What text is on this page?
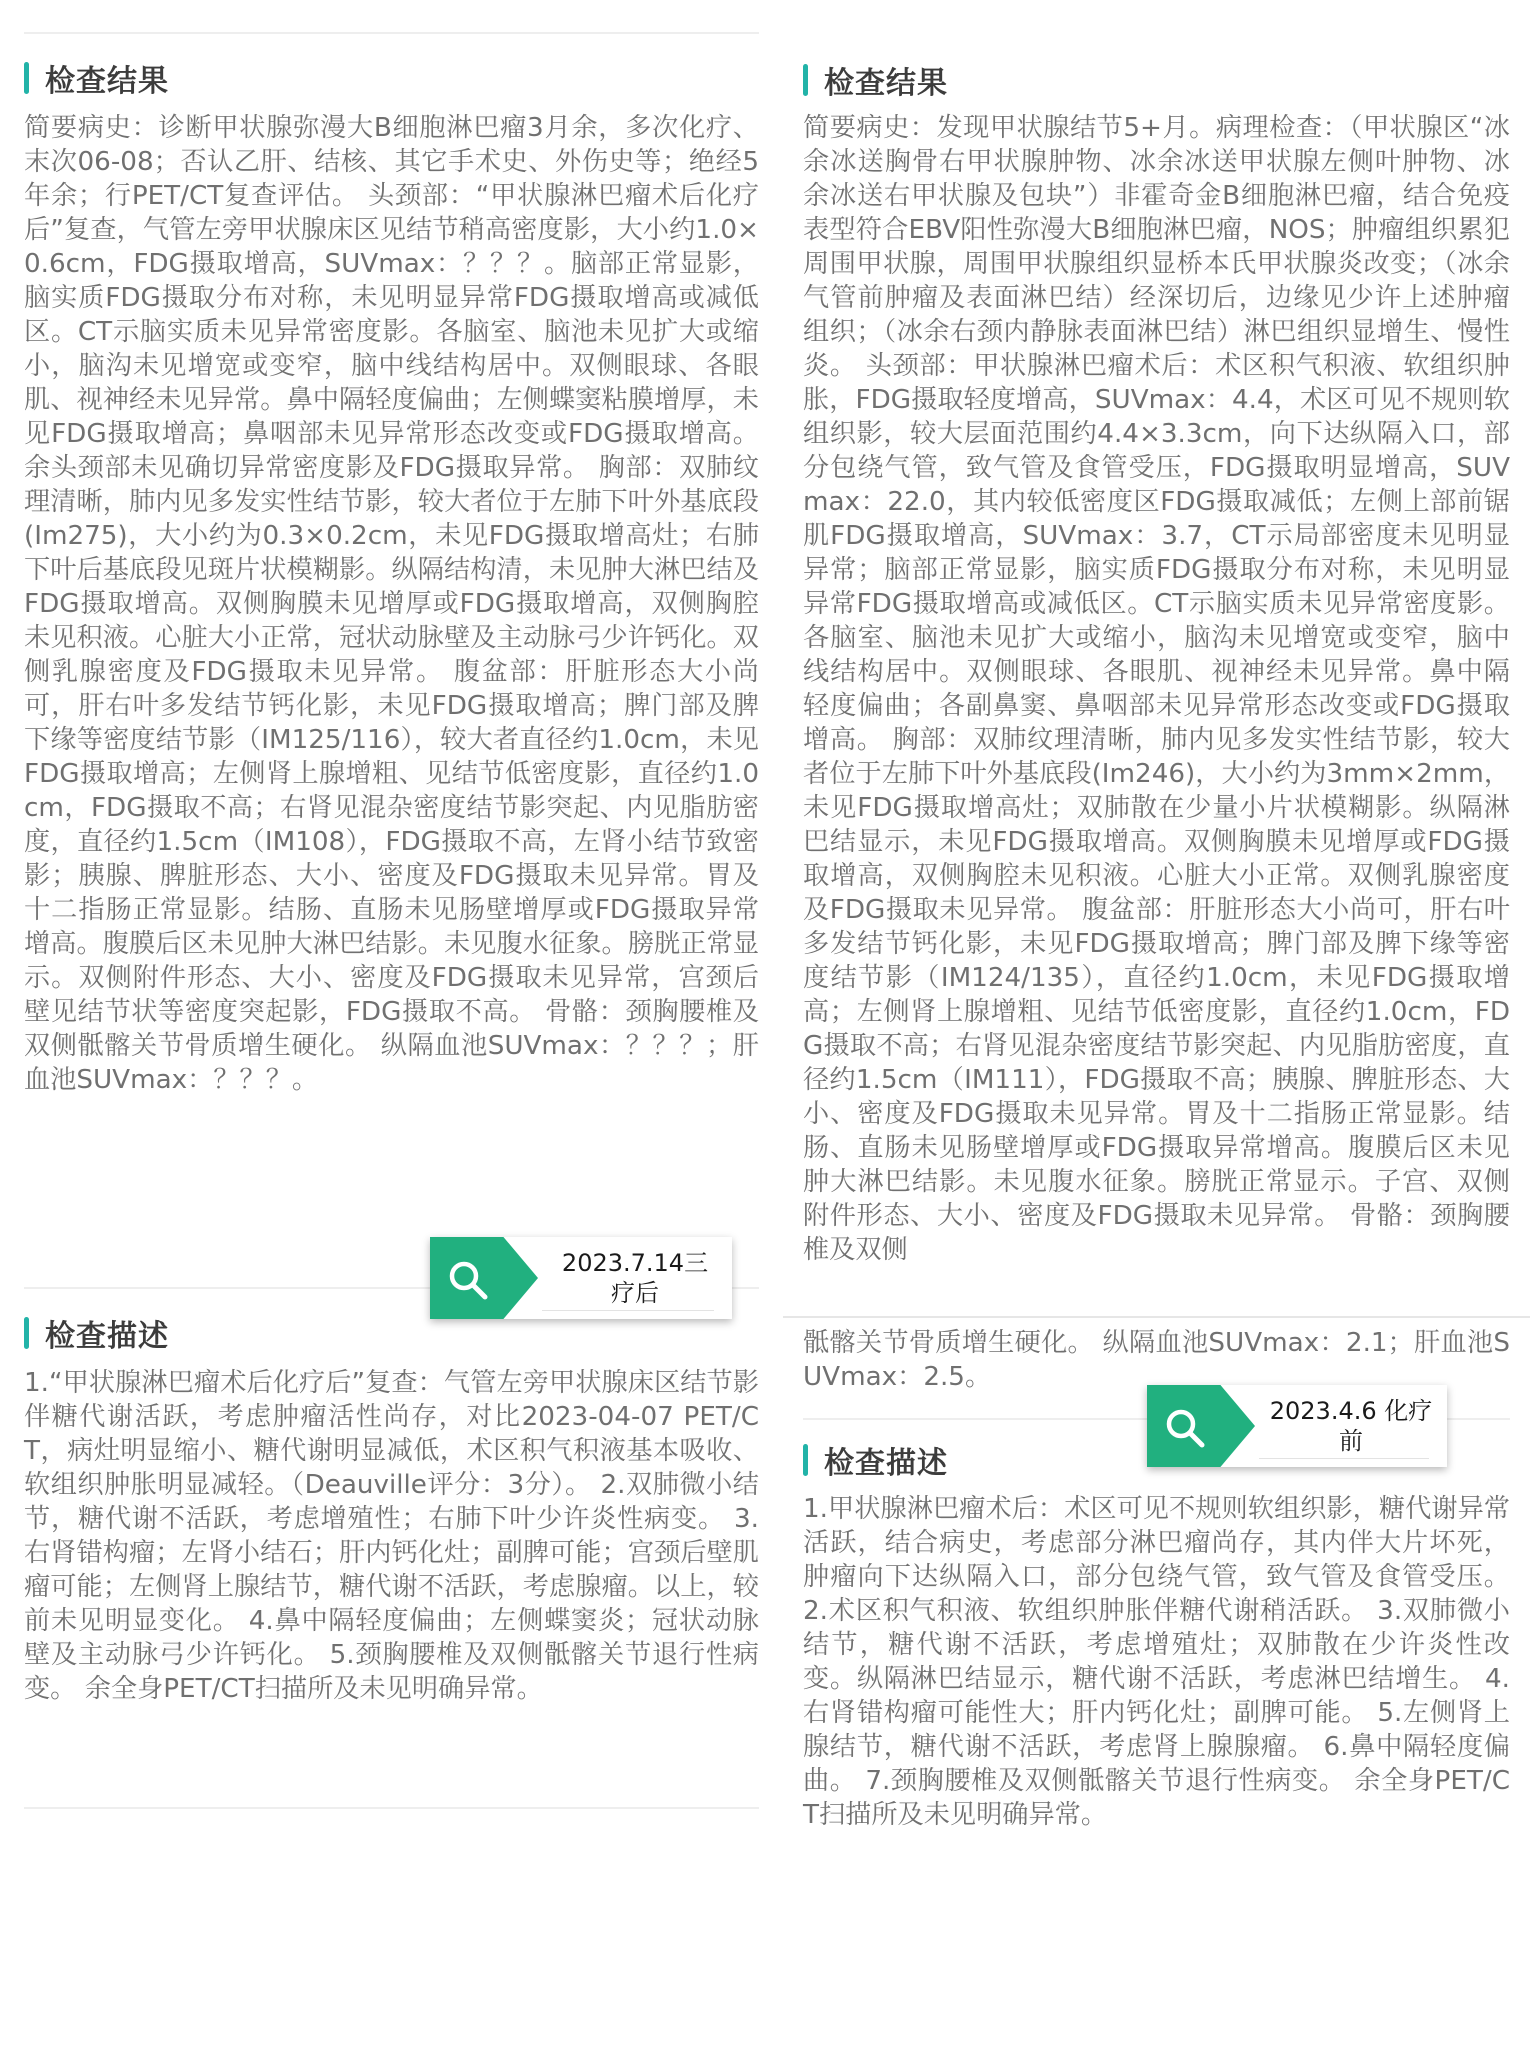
检查结果

简要病史：诊断甲状腺弥漫大B细胞淋巴瘤3月余，多次化疗、末次06-08；否认乙肝、结核、其它手术史、外伤史等；绝经5年余；行PET/CT复查评估。 头颈部：“甲状腺淋巴瘤术后化疗后”复查，气管左旁甲状腺床区见结节稍高密度影，大小约1.0×0.6cm，FDG摄取增高，SUVmax：？？？。脑部正常显影，脑实质FDG摄取分布对称，未见明显异常FDG摄取增高或减低区。CT示脑实质未见异常密度影。各脑室、脑池未见扩大或缩小，脑沟未见增宽或变窄，脑中线结构居中。双侧眼球、各眼肌、视神经未见异常。鼻中隔轻度偏曲；左侧蝶窦粘膜增厚，未见FDG摄取增高；鼻咽部未见异常形态改变或FDG摄取增高。余头颈部未见确切异常密度影及FDG摄取异常。 胸部：双肺纹理清晰，肺内见多发实性结节影，较大者位于左肺下叶外基底段(Im275)，大小约为0.3×0.2cm，未见FDG摄取增高灶；右肺下叶后基底段见斑片状模糊影。纵隔结构清，未见肿大淋巴结及FDG摄取增高。双侧胸膜未见增厚或FDG摄取增高，双侧胸腔未见积液。心脏大小正常，冠状动脉壁及主动脉弓少许钙化。双侧乳腺密度及FDG摄取未见异常。 腹盆部：肝脏形态大小尚可，肝右叶多发结节钙化影，未见FDG摄取增高；脾门部及脾下缘等密度结节影（IM125/116），较大者直径约1.0cm，未见FDG摄取增高；左侧肾上腺增粗、见结节低密度影，直径约1.0cm，FDG摄取不高；右肾见混杂密度结节影突起、内见脂肪密度，直径约1.5cm（IM108），FDG摄取不高，左肾小结节致密影；胰腺、脾脏形态、大小、密度及FDG摄取未见异常。胃及十二指肠正常显影。结肠、直肠未见肠壁增厚或FDG摄取异常增高。腹膜后区未见肿大淋巴结影。未见腹水征象。膀胱正常显示。双侧附件形态、大小、密度及FDG摄取未见异常，宫颈后壁见结节状等密度突起影，FDG摄取不高。 骨骼：颈胸腰椎及双侧骶髂关节骨质增生硬化。 纵隔血池SUVmax：？？？；肝血池SUVmax：？？？。

检查描述

1.“甲状腺淋巴瘤术后化疗后”复查：气管左旁甲状腺床区结节影伴糖代谢活跃，考虑肿瘤活性尚存，对比2023-04-07 PET/CT，病灶明显缩小、糖代谢明显减低，术区积气积液基本吸收、软组织肿胀明显减轻。（Deauville评分：3分）。 2.双肺微小结节，糖代谢不活跃，考虑增殖性；右肺下叶少许炎性病变。 3.右肾错构瘤；左肾小结石；肝内钙化灶；副脾可能；宫颈后壁肌瘤可能；左侧肾上腺结节，糖代谢不活跃，考虑腺瘤。以上，较前未见明显变化。 4.鼻中隔轻度偏曲；左侧蝶窦炎；冠状动脉壁及主动脉弓少许钙化。 5.颈胸腰椎及双侧骶髂关节退行性病变。 余全身PET/CT扫描所及未见明确异常。

2023.7.14三疗后
检查结果

简要病史：发现甲状腺结节5+月。病理检查：（甲状腺区“冰余冰送胸骨右甲状腺肿物、冰余冰送甲状腺左侧叶肿物、冰余冰送右甲状腺及包块”）非霍奇金B细胞淋巴瘤，结合免疫表型符合EBV阳性弥漫大B细胞淋巴瘤，NOS；肿瘤组织累犯周围甲状腺，周围甲状腺组织显桥本氏甲状腺炎改变；（冰余气管前肿瘤及表面淋巴结）经深切后，边缘见少许上述肿瘤组织；（冰余右颈内静脉表面淋巴结）淋巴组织显增生、慢性炎。 头颈部：甲状腺淋巴瘤术后：术区积气积液、软组织肿胀，FDG摄取轻度增高，SUVmax：4.4，术区可见不规则软组织影，较大层面范围约4.4×3.3cm，向下达纵隔入口，部分包绕气管，致气管及食管受压，FDG摄取明显增高，SUVmax：22.0，其内较低密度区FDG摄取减低；左侧上部前锯肌FDG摄取增高，SUVmax：3.7，CT示局部密度未见明显异常；脑部正常显影，脑实质FDG摄取分布对称，未见明显异常FDG摄取增高或减低区。CT示脑实质未见异常密度影。各脑室、脑池未见扩大或缩小，脑沟未见增宽或变窄，脑中线结构居中。双侧眼球、各眼肌、视神经未见异常。鼻中隔轻度偏曲；各副鼻窦、鼻咽部未见异常形态改变或FDG摄取增高。 胸部：双肺纹理清晰，肺内见多发实性结节影，较大者位于左肺下叶外基底段(Im246)，大小约为3mm×2mm，未见FDG摄取增高灶；双肺散在少量小片状模糊影。纵隔淋巴结显示，未见FDG摄取增高。双侧胸膜未见增厚或FDG摄取增高，双侧胸腔未见积液。心脏大小正常。双侧乳腺密度及FDG摄取未见异常。 腹盆部：肝脏形态大小尚可，肝右叶多发结节钙化影，未见FDG摄取增高；脾门部及脾下缘等密度结节影（IM124/135），直径约1.0cm，未见FDG摄取增高；左侧肾上腺增粗、见结节低密度影，直径约1.0cm，FDG摄取不高；右肾见混杂密度结节影突起、内见脂肪密度，直径约1.5cm（IM111），FDG摄取不高；胰腺、脾脏形态、大小、密度及FDG摄取未见异常。胃及十二指肠正常显影。结肠、直肠未见肠壁增厚或FDG摄取异常增高。腹膜后区未见肿大淋巴结影。未见腹水征象。膀胱正常显示。子宫、双侧附件形态、大小、密度及FDG摄取未见异常。 骨骼：颈胸腰椎及双侧

骶髂关节骨质增生硬化。 纵隔血池SUVmax：2.1；肝血池SUVmax：2.5。

检查描述

1.甲状腺淋巴瘤术后：术区可见不规则软组织影，糖代谢异常活跃，结合病史，考虑部分淋巴瘤尚存，其内伴大片坏死，肿瘤向下达纵隔入口，部分包绕气管，致气管及食管受压。 2.术区积气积液、软组织肿胀伴糖代谢稍活跃。 3.双肺微小结节，糖代谢不活跃，考虑增殖灶；双肺散在少许炎性改变。纵隔淋巴结显示，糖代谢不活跃，考虑淋巴结增生。 4.右肾错构瘤可能性大；肝内钙化灶；副脾可能。 5.左侧肾上腺结节，糖代谢不活跃，考虑肾上腺腺瘤。 6.鼻中隔轻度偏曲。 7.颈胸腰椎及双侧骶髂关节退行性病变。 余全身PET/CT扫描所及未见明确异常。

2023.4.6 化疗前
